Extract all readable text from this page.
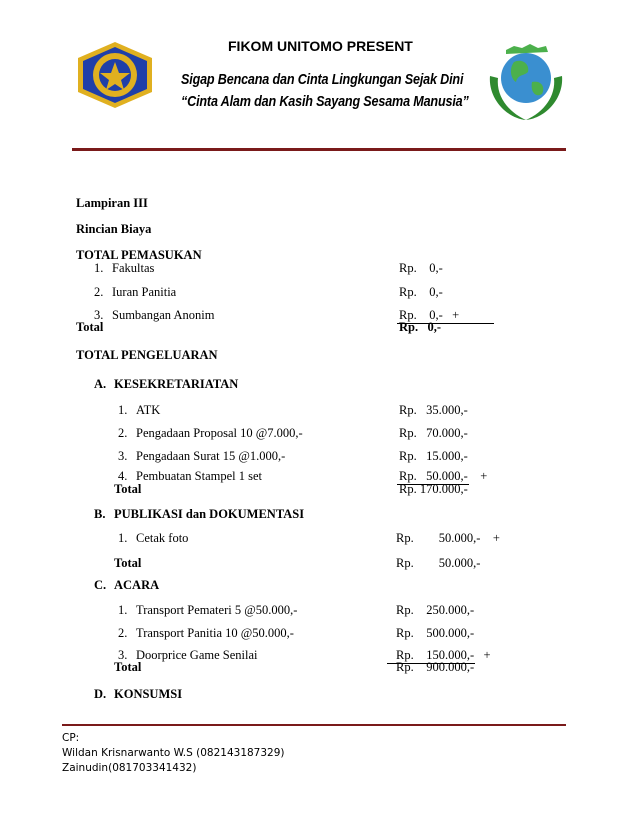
FIKOM UNITOMO PRESENT
Sigap Bencana dan Cinta Lingkungan Sejak Dini
“Cinta Alam dan Kasih Sayang Sesama Manusia”
Lampiran III
Rincian Biaya
TOTAL PEMASUKAN
1. Fakultas	Rp.    0,-
2. Iuran Panitia	Rp.    0,-
3. Sumbangan Anonim	Rp.    0,-   +
Total	Rp.   0,-
TOTAL PENGELUARAN
A. KESEKRETARIATAN
1. ATK	Rp.   35.000,-
2. Pengadaan Proposal 10 @7.000,-	Rp.   70.000,-
3. Pengadaan Surat 15 @1.000,-	Rp.   15.000,-
4. Pembuatan Stampel 1 set	Rp.   50.000,-    +
Total	Rp. 170.000,-
B. PUBLIKASI dan DOKUMENTASI
1. Cetak foto	Rp.        50.000,-    +
Total	Rp.        50.000,-
C. ACARA
1. Transport Pemateri 5 @50.000,-	Rp.    250.000,-
2. Transport Panitia 10 @50.000,-	Rp.    500.000,-
3. Doorprice Game Senilai	Rp.    150.000,-   +
Total	Rp.    900.000,-
D. KONSUMSI
CP:
Wildan Krisnarwanto W.S (082143187329)
Zainudin(081703341432)
